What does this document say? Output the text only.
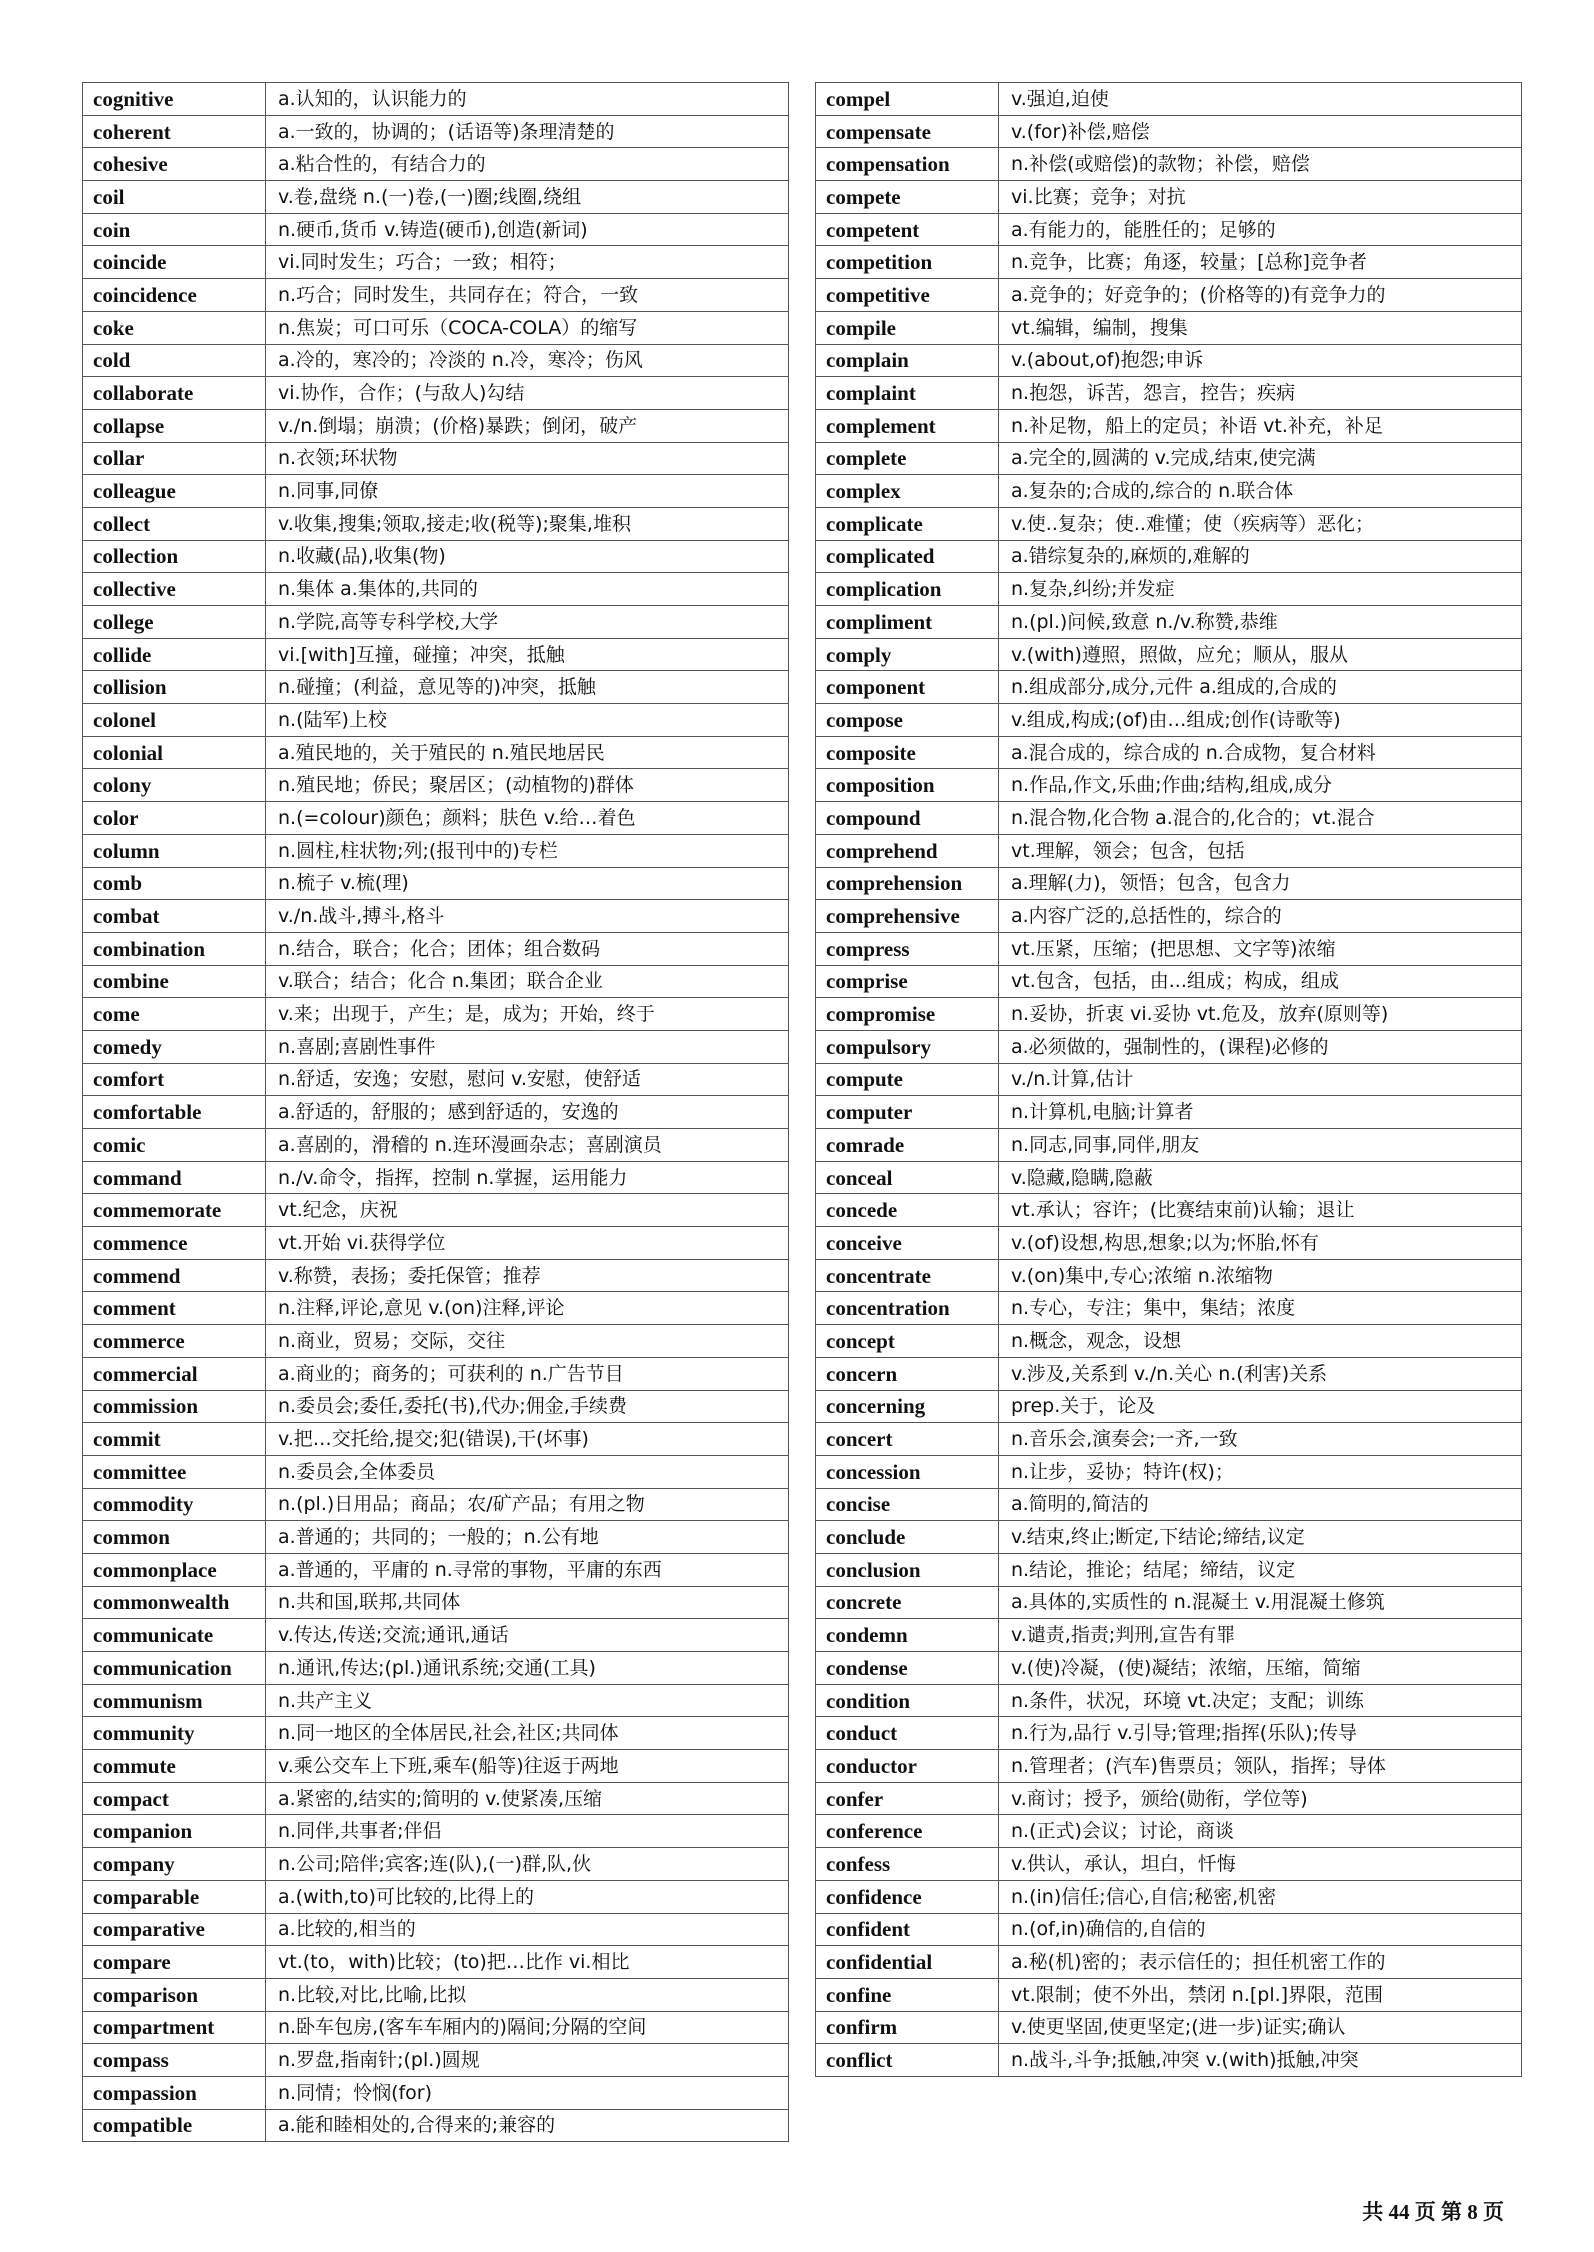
cognitive	a.认知的，认识能力的
coherent	a.一致的，协调的；(话语等)条理清楚的
cohesive	a.粘合性的，有结合力的
coil	v.卷,盘绕 n.(一)卷,(一)圈;线圈,绕组
coin	n.硬币,货币 v.铸造(硬币),创造(新词)
coincide	vi.同时发生；巧合；一致；相符；
coincidence	n.巧合；同时发生，共同存在；符合，一致
coke	n.焦炭；可口可乐（COCA-COLA）的缩写
cold	a.冷的，寒冷的；冷淡的 n.冷，寒冷；伤风
collaborate	vi.协作，合作；(与敌人)勾结
collapse	v./n.倒塌；崩溃；(价格)暴跌；倒闭，破产
collar	n.衣领;环状物
colleague	n.同事,同僚
collect	v.收集,搜集;领取,接走;收(税等);聚集,堆积
collection	n.收藏(品),收集(物)
collective	n.集体 a.集体的,共同的
college	n.学院,高等专科学校,大学
collide	vi.[with]互撞，碰撞；冲突，抵触
collision	n.碰撞；(利益，意见等的)冲突，抵触
colonel	n.(陆军)上校
colonial	a.殖民地的，关于殖民的 n.殖民地居民
colony	n.殖民地；侨民；聚居区；(动植物的)群体
color	n.(=colour)颜色；颜料；肤色 v.给…着色
column	n.圆柱,柱状物;列;(报刊中的)专栏
comb	n.梳子 v.梳(理)
combat	v./n.战斗,搏斗,格斗
combination	n.结合，联合；化合；团体；组合数码
combine	v.联合；结合；化合 n.集团；联合企业
come	v.来；出现于，产生；是，成为；开始，终于
comedy	n.喜剧;喜剧性事件
comfort	n.舒适，安逸；安慰，慰问 v.安慰，使舒适
comfortable	a.舒适的，舒服的；感到舒适的，安逸的
comic	a.喜剧的，滑稽的 n.连环漫画杂志；喜剧演员
command	n./v.命令，指挥，控制 n.掌握，运用能力
commemorate	vt.纪念，庆祝
commence	vt.开始 vi.获得学位
commend	v.称赞，表扬；委托保管；推荐
comment	n.注释,评论,意见 v.(on)注释,评论
commerce	n.商业，贸易；交际，交往
commercial	a.商业的；商务的；可获利的 n.广告节目
commission	n.委员会;委任,委托(书),代办;佣金,手续费
commit	v.把…交托给,提交;犯(错误),干(坏事)
committee	n.委员会,全体委员
commodity	n.(pl.)日用品；商品；农/矿产品；有用之物
common	a.普通的；共同的；一般的；n.公有地
commonplace	a.普通的，平庸的 n.寻常的事物，平庸的东西
commonwealth	n.共和国,联邦,共同体
communicate	v.传达,传送;交流;通讯,通话
communication	n.通讯,传达;(pl.)通讯系统;交通(工具)
communism	n.共产主义
community	n.同一地区的全体居民,社会,社区;共同体
commute	v.乘公交车上下班,乘车(船等)往返于两地
compact	a.紧密的,结实的;简明的 v.使紧凑,压缩
companion	n.同伴,共事者;伴侣
company	n.公司;陪伴;宾客;连(队),(一)群,队,伙
comparable	a.(with,to)可比较的,比得上的
comparative	a.比较的,相当的
compare	vt.(to，with)比较；(to)把…比作 vi.相比
comparison	n.比较,对比,比喻,比拟
compartment	n.卧车包房,(客车车厢内的)隔间;分隔的空间
compass	n.罗盘,指南针;(pl.)圆规
compassion	n.同情；怜悯(for)
compatible	a.能和睦相处的,合得来的;兼容的
compel	v.强迫,迫使
compensate	v.(for)补偿,赔偿
compensation	n.补偿(或赔偿)的款物；补偿，赔偿
compete	vi.比赛；竞争；对抗
competent	a.有能力的，能胜任的；足够的
competition	n.竞争，比赛；角逐，较量；[总称]竞争者
competitive	a.竞争的；好竞争的；(价格等的)有竞争力的
compile	vt.编辑，编制，搜集
complain	v.(about,of)抱怨;申诉
complaint	n.抱怨，诉苦，怨言，控告；疾病
complement	n.补足物，船上的定员；补语 vt.补充，补足
complete	a.完全的,圆满的 v.完成,结束,使完满
complex	a.复杂的;合成的,综合的 n.联合体
complicate	v.使..复杂；使..难懂；使（疾病等）恶化；
complicated	a.错综复杂的,麻烦的,难解的
complication	n.复杂,纠纷;并发症
compliment	n.(pl.)问候,致意 n./v.称赞,恭维
comply	v.(with)遵照，照做，应允；顺从，服从
component	n.组成部分,成分,元件 a.组成的,合成的
compose	v.组成,构成;(of)由…组成;创作(诗歌等)
composite	a.混合成的，综合成的 n.合成物，复合材料
composition	n.作品,作文,乐曲;作曲;结构,组成,成分
compound	n.混合物,化合物 a.混合的,化合的；vt.混合
comprehend	vt.理解，领会；包含，包括
comprehension	a.理解(力)，领悟；包含，包含力
comprehensive	a.内容广泛的,总括性的，综合的
compress	vt.压紧，压缩；(把思想、文字等)浓缩
comprise	vt.包含，包括，由...组成；构成，组成
compromise	n.妥协，折衷 vi.妥协 vt.危及，放弃(原则等)
compulsory	a.必须做的，强制性的，(课程)必修的
compute	v./n.计算,估计
computer	n.计算机,电脑;计算者
comrade	n.同志,同事,同伴,朋友
conceal	v.隐藏,隐瞒,隐蔽
concede	vt.承认；容许；(比赛结束前)认输；退让
conceive	v.(of)设想,构思,想象;以为;怀胎,怀有
concentrate	v.(on)集中,专心;浓缩 n.浓缩物
concentration	n.专心，专注；集中，集结；浓度
concept	n.概念，观念，设想
concern	v.涉及,关系到 v./n.关心 n.(利害)关系
concerning	prep.关于，论及
concert	n.音乐会,演奏会;一齐,一致
concession	n.让步，妥协；特许(权)；
concise	a.简明的,简洁的
conclude	v.结束,终止;断定,下结论;缔结,议定
conclusion	n.结论，推论；结尾；缔结，议定
concrete	a.具体的,实质性的 n.混凝土 v.用混凝土修筑
condemn	v.谴责,指责;判刑,宣告有罪
condense	v.(使)冷凝，(使)凝结；浓缩，压缩，简缩
condition	n.条件，状况，环境 vt.决定；支配；训练
conduct	n.行为,品行 v.引导;管理;指挥(乐队);传导
conductor	n.管理者；(汽车)售票员；领队，指挥；导体
confer	v.商讨；授予，颁给(勋衔，学位等)
conference	n.(正式)会议；讨论，商谈
confess	v.供认，承认，坦白，忏悔
confidence	n.(in)信任;信心,自信;秘密,机密
confident	n.(of,in)确信的,自信的
confidential	a.秘(机)密的；表示信任的；担任机密工作的
confine	vt.限制；使不外出，禁闭 n.[pl.]界限，范围
confirm	v.使更坚固,使更坚定;(进一步)证实;确认
conflict	n.战斗,斗争;抵触,冲突 v.(with)抵触,冲突
共 44 页 第 8 页
